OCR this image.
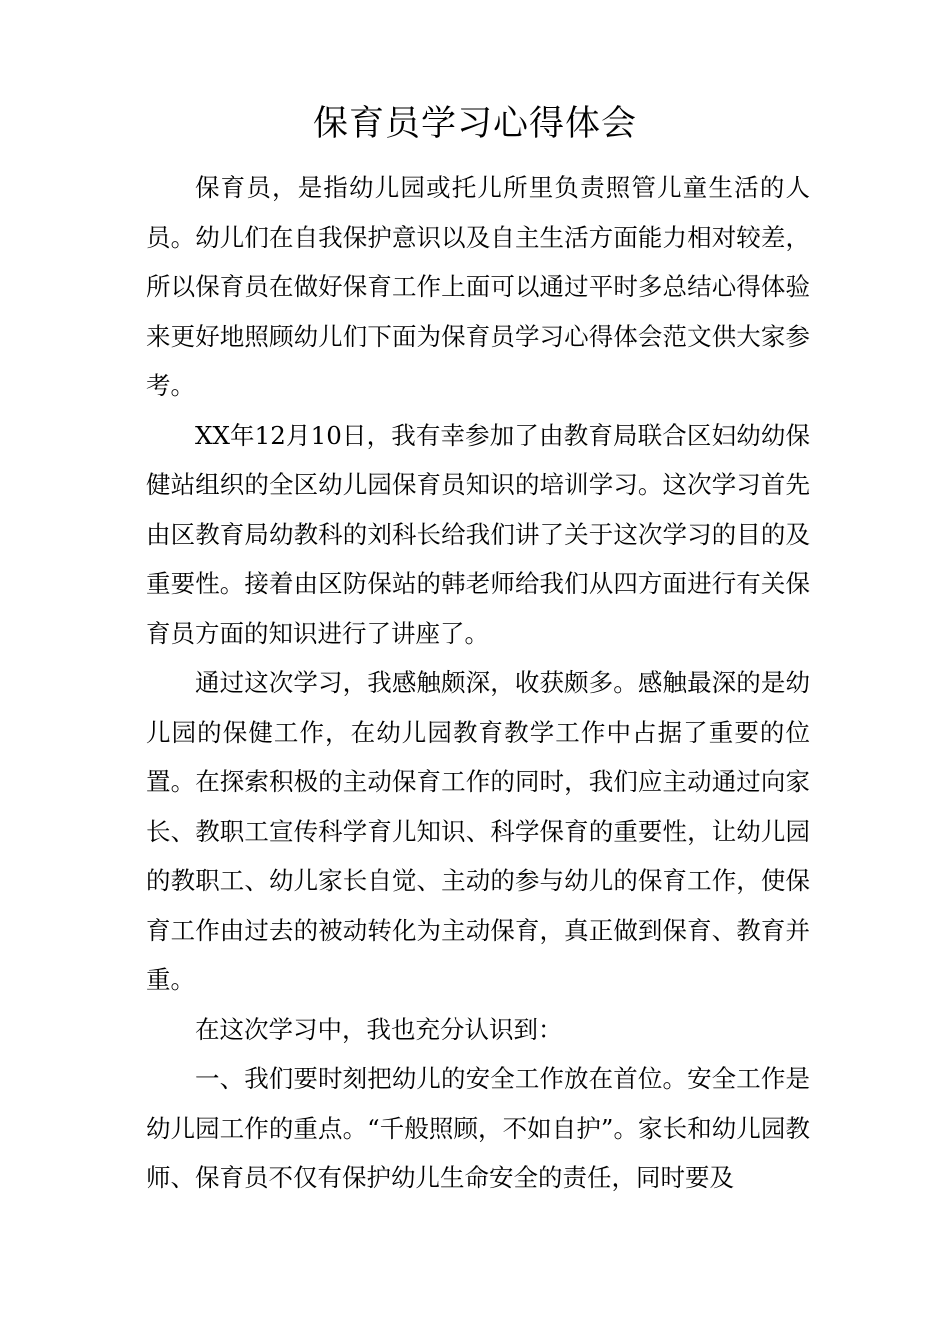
保育员学习心得体会

保育员，是指幼儿园或托儿所里负责照管儿童生活的人员。幼儿们在自我保护意识以及自主生活方面能力相对较差，所以保育员在做好保育工作上面可以通过平时多总结心得体验来更好地照顾幼儿们下面为保育员学习心得体会范文供大家参考。

XX年12月10日，我有幸参加了由教育局联合区妇幼幼保健站组织的全区幼儿园保育员知识的培训学习。这次学习首先由区教育局幼教科的刘科长给我们讲了关于这次学习的目的及重要性。接着由区防保站的韩老师给我们从四方面进行有关保育员方面的知识进行了讲座了。

通过这次学习，我感触颇深，收获颇多。感触最深的是幼儿园的保健工作，在幼儿园教育教学工作中占据了重要的位置。在探索积极的主动保育工作的同时，我们应主动通过向家长、教职工宣传科学育儿知识、科学保育的重要性，让幼儿园的教职工、幼儿家长自觉、主动的参与幼儿的保育工作，使保育工作由过去的被动转化为主动保育，真正做到保育、教育并重。

在这次学习中，我也充分认识到：

一、我们要时刻把幼儿的安全工作放在首位。安全工作是幼儿园工作的重点。“千般照顾，不如自护”。家长和幼儿园教师、保育员不仅有保护幼儿生命安全的责任，同时要及
